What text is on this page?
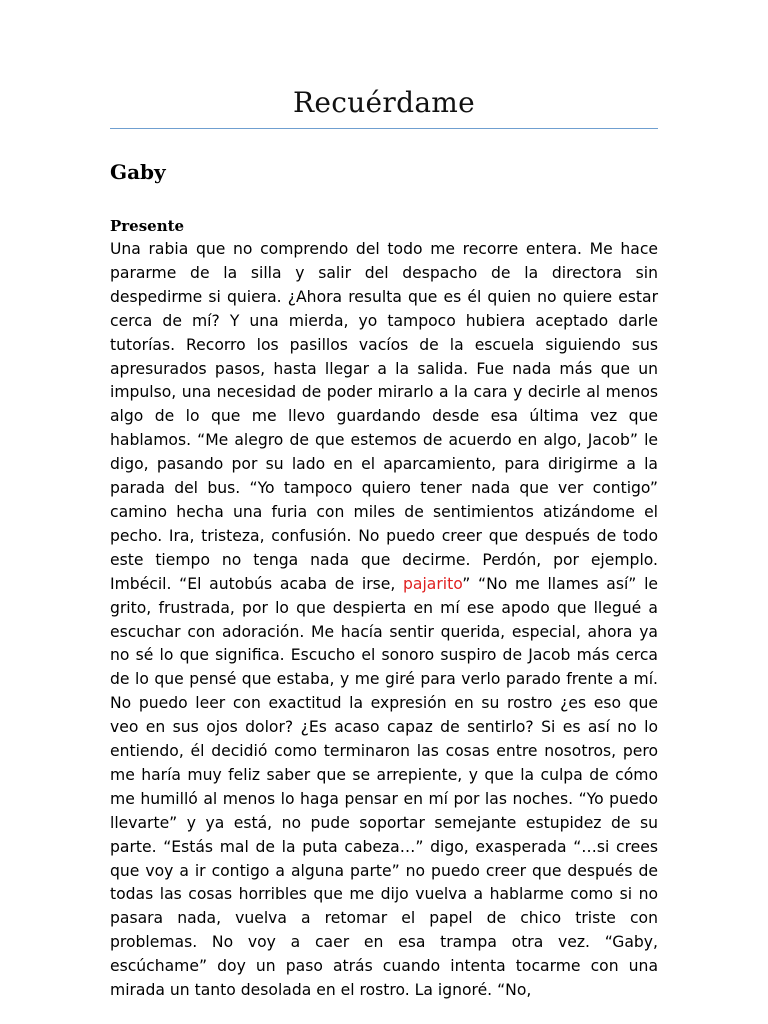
Recuérdame
Gaby
Presente

Una rabia que no comprendo del todo me recorre entera. Me hace pararme de la silla y salir del despacho de la directora sin despedirme si quiera. ¿Ahora resulta que es él quien no quiere estar cerca de mí? Y una mierda, yo tampoco hubiera aceptado darle tutorías. Recorro los pasillos vacíos de la escuela siguiendo sus apresurados pasos, hasta llegar a la salida. Fue nada más que un impulso, una necesidad de poder mirarlo a la cara y decirle al menos algo de lo que me llevo guardando desde esa última vez que hablamos. “Me alegro de que estemos de acuerdo en algo, Jacob” le digo, pasando por su lado en el aparcamiento, para dirigirme a la parada del bus. “Yo tampoco quiero tener nada que ver contigo” camino hecha una furia con miles de sentimientos atizándome el pecho. Ira, tristeza, confusión. No puedo creer que después de todo este tiempo no tenga nada que decirme. Perdón, por ejemplo. Imbécil. “El autobús acaba de irse, pajarito” “No me llames así” le grito, frustrada, por lo que despierta en mí ese apodo que llegué a escuchar con adoración. Me hacía sentir querida, especial, ahora ya no sé lo que significa. Escucho el sonoro suspiro de Jacob más cerca de lo que pensé que estaba, y me giré para verlo parado frente a mí. No puedo leer con exactitud la expresión en su rostro ¿es eso que veo en sus ojos dolor? ¿Es acaso capaz de sentirlo? Si es así no lo entiendo, él decidió como terminaron las cosas entre nosotros, pero me haría muy feliz saber que se arrepiente, y que la culpa de cómo me humilló al menos lo haga pensar en mí por las noches. “Yo puedo llevarte” y ya está, no pude soportar semejante estupidez de su parte. “Estás mal de la puta cabeza…” digo, exasperada “…si crees que voy a ir contigo a alguna parte” no puedo creer que después de todas las cosas horribles que me dijo vuelva a hablarme como si no pasara nada, vuelva a retomar el papel de chico triste con problemas. No voy a caer en esa trampa otra vez. “Gaby, escúchame” doy un paso atrás cuando intenta tocarme con una mirada un tanto desolada en el rostro. La ignoré. “No,
